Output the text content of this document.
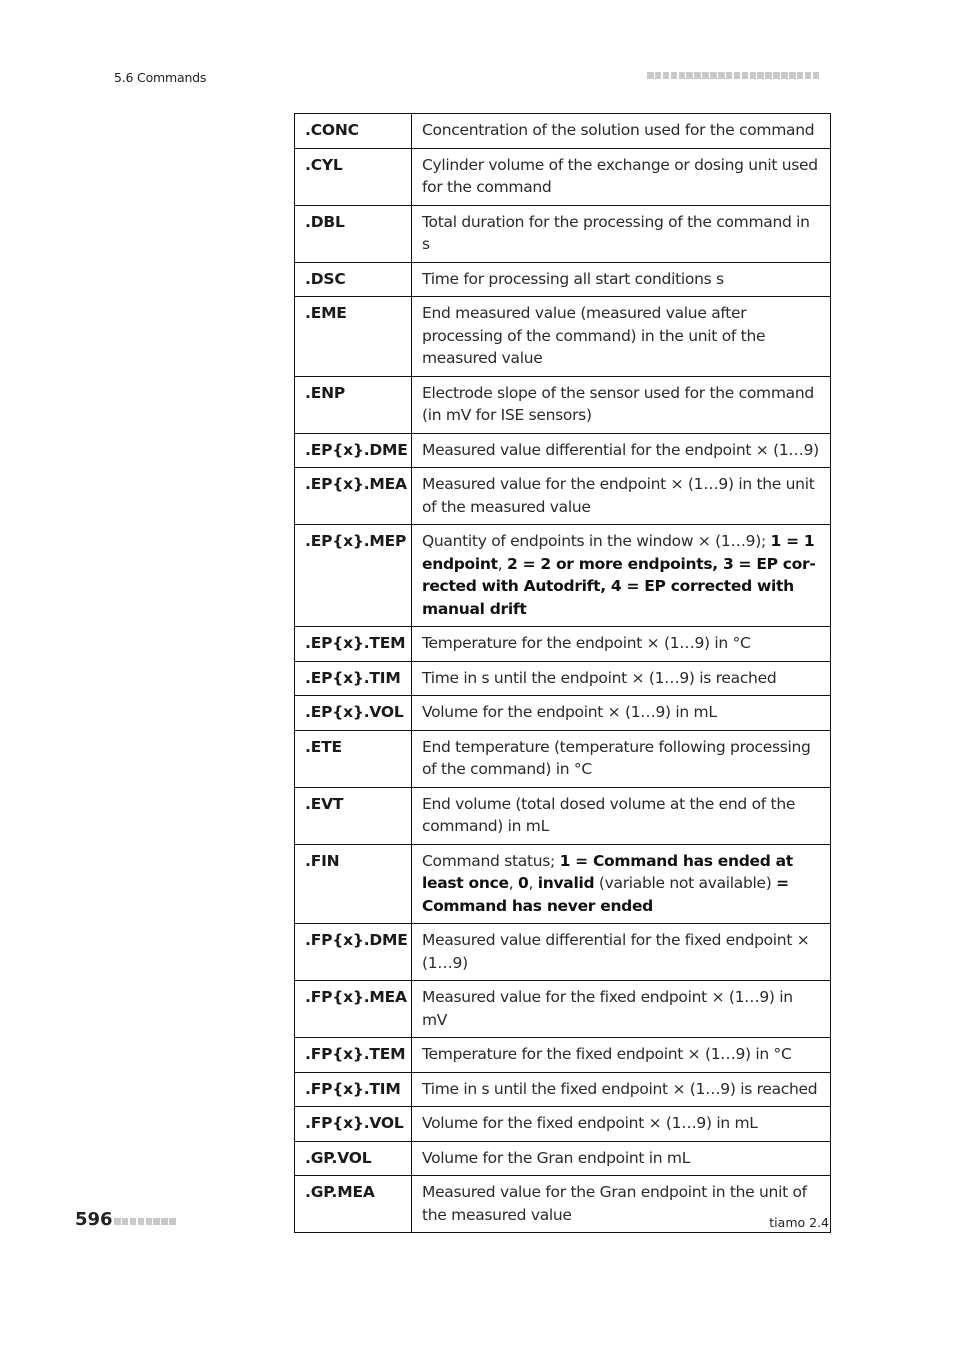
5.6 Commands
.CONC	Concentration of the solution used for the command
.CYL	Cylinder volume of the exchange or dosing unit used for the command
.DBL	Total duration for the processing of the command in s
.DSC	Time for processing all start conditions s
.EME	End measured value (measured value after processing of the command) in the unit of the measured value
.ENP	Electrode slope of the sensor used for the command (in mV for ISE sensors)
.EP{x}.DME	Measured value differential for the endpoint × (1…9)
.EP{x}.MEA	Measured value for the endpoint × (1…9) in the unit of the measured value
.EP{x}.MEP	Quantity of endpoints in the window × (1…9); 1 = 1 endpoint, 2 = 2 or more endpoints, 3 = EP corrected with Autodrift, 4 = EP corrected with manual drift
.EP{x}.TEM	Temperature for the endpoint × (1…9) in °C
.EP{x}.TIM	Time in s until the endpoint × (1…9) is reached
.EP{x}.VOL	Volume for the endpoint × (1…9) in mL
.ETE	End temperature (temperature following processing of the command) in °C
.EVT	End volume (total dosed volume at the end of the command) in mL
.FIN	Command status; 1 = Command has ended at least once, 0, invalid (variable not available) = Command has never ended
.FP{x}.DME	Measured value differential for the fixed endpoint × (1…9)
.FP{x}.MEA	Measured value for the fixed endpoint × (1…9) in mV
.FP{x}.TEM	Temperature for the fixed endpoint × (1…9) in °C
.FP{x}.TIM	Time in s until the fixed endpoint × (1…9) is reached
.FP{x}.VOL	Volume for the fixed endpoint × (1…9) in mL
.GP.VOL	Volume for the Gran endpoint in mL
.GP.MEA	Measured value for the Gran endpoint in the unit of the measured value
596	tiamo 2.4
